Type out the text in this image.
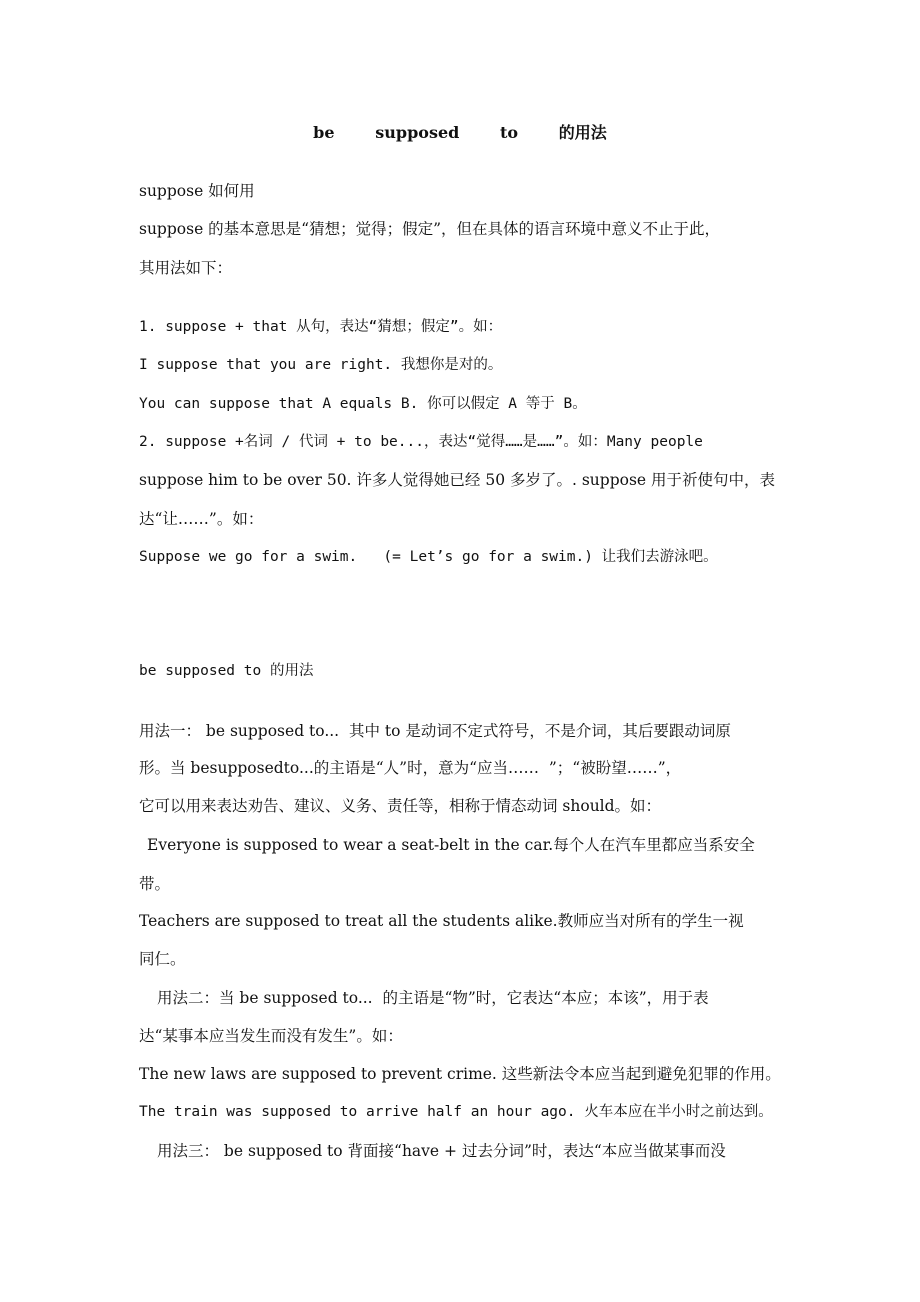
be   supposed   to   的用法
suppose 如何用
suppose 的基本意思是“猜想；觉得；假定”，但在具体的语言环境中意义不止于此，
其用法如下：
1. suppose + that 从句，表达“猜想；假定”。如：
I suppose that you are right. 我想你是对的。
You can suppose that A equals B. 你可以假定 A 等于 B。
2. suppose +名词 / 代词 + to be...，表达“觉得……是……”。如：Many people
suppose him to be over 50. 许多人觉得她已经 50 多岁了。. suppose 用于祈使句中，表
达“让……”。如：
Suppose we go for a swim.   (= Let’s go for a swim.) 让我们去游泳吧。
be supposed to 的用法
用法一： be supposed to...  其中 to 是动词不定式符号，不是介词，其后要跟动词原
形。当 besupposedto...的主语是“人”时，意为“应当……  ”；“被盼望……”，
它可以用来表达劝告、建议、义务、责任等，相称于情态动词 should。如：
Everyone is supposed to wear a seat-belt in the car.每个人在汽车里都应当系安全
带。
Teachers are supposed to treat all the students alike.教师应当对所有的学生一视
同仁。
用法二：当 be supposed to...  的主语是“物”时，它表达“本应；本该”，用于表
达“某事本应当发生而没有发生”。如：
The new laws are supposed to prevent crime. 这些新法令本应当起到避免犯罪的作用。
The train was supposed to arrive half an hour ago. 火车本应在半小时之前达到。
用法三： be supposed to 背面接“have + 过去分词”时，表达“本应当做某事而没
